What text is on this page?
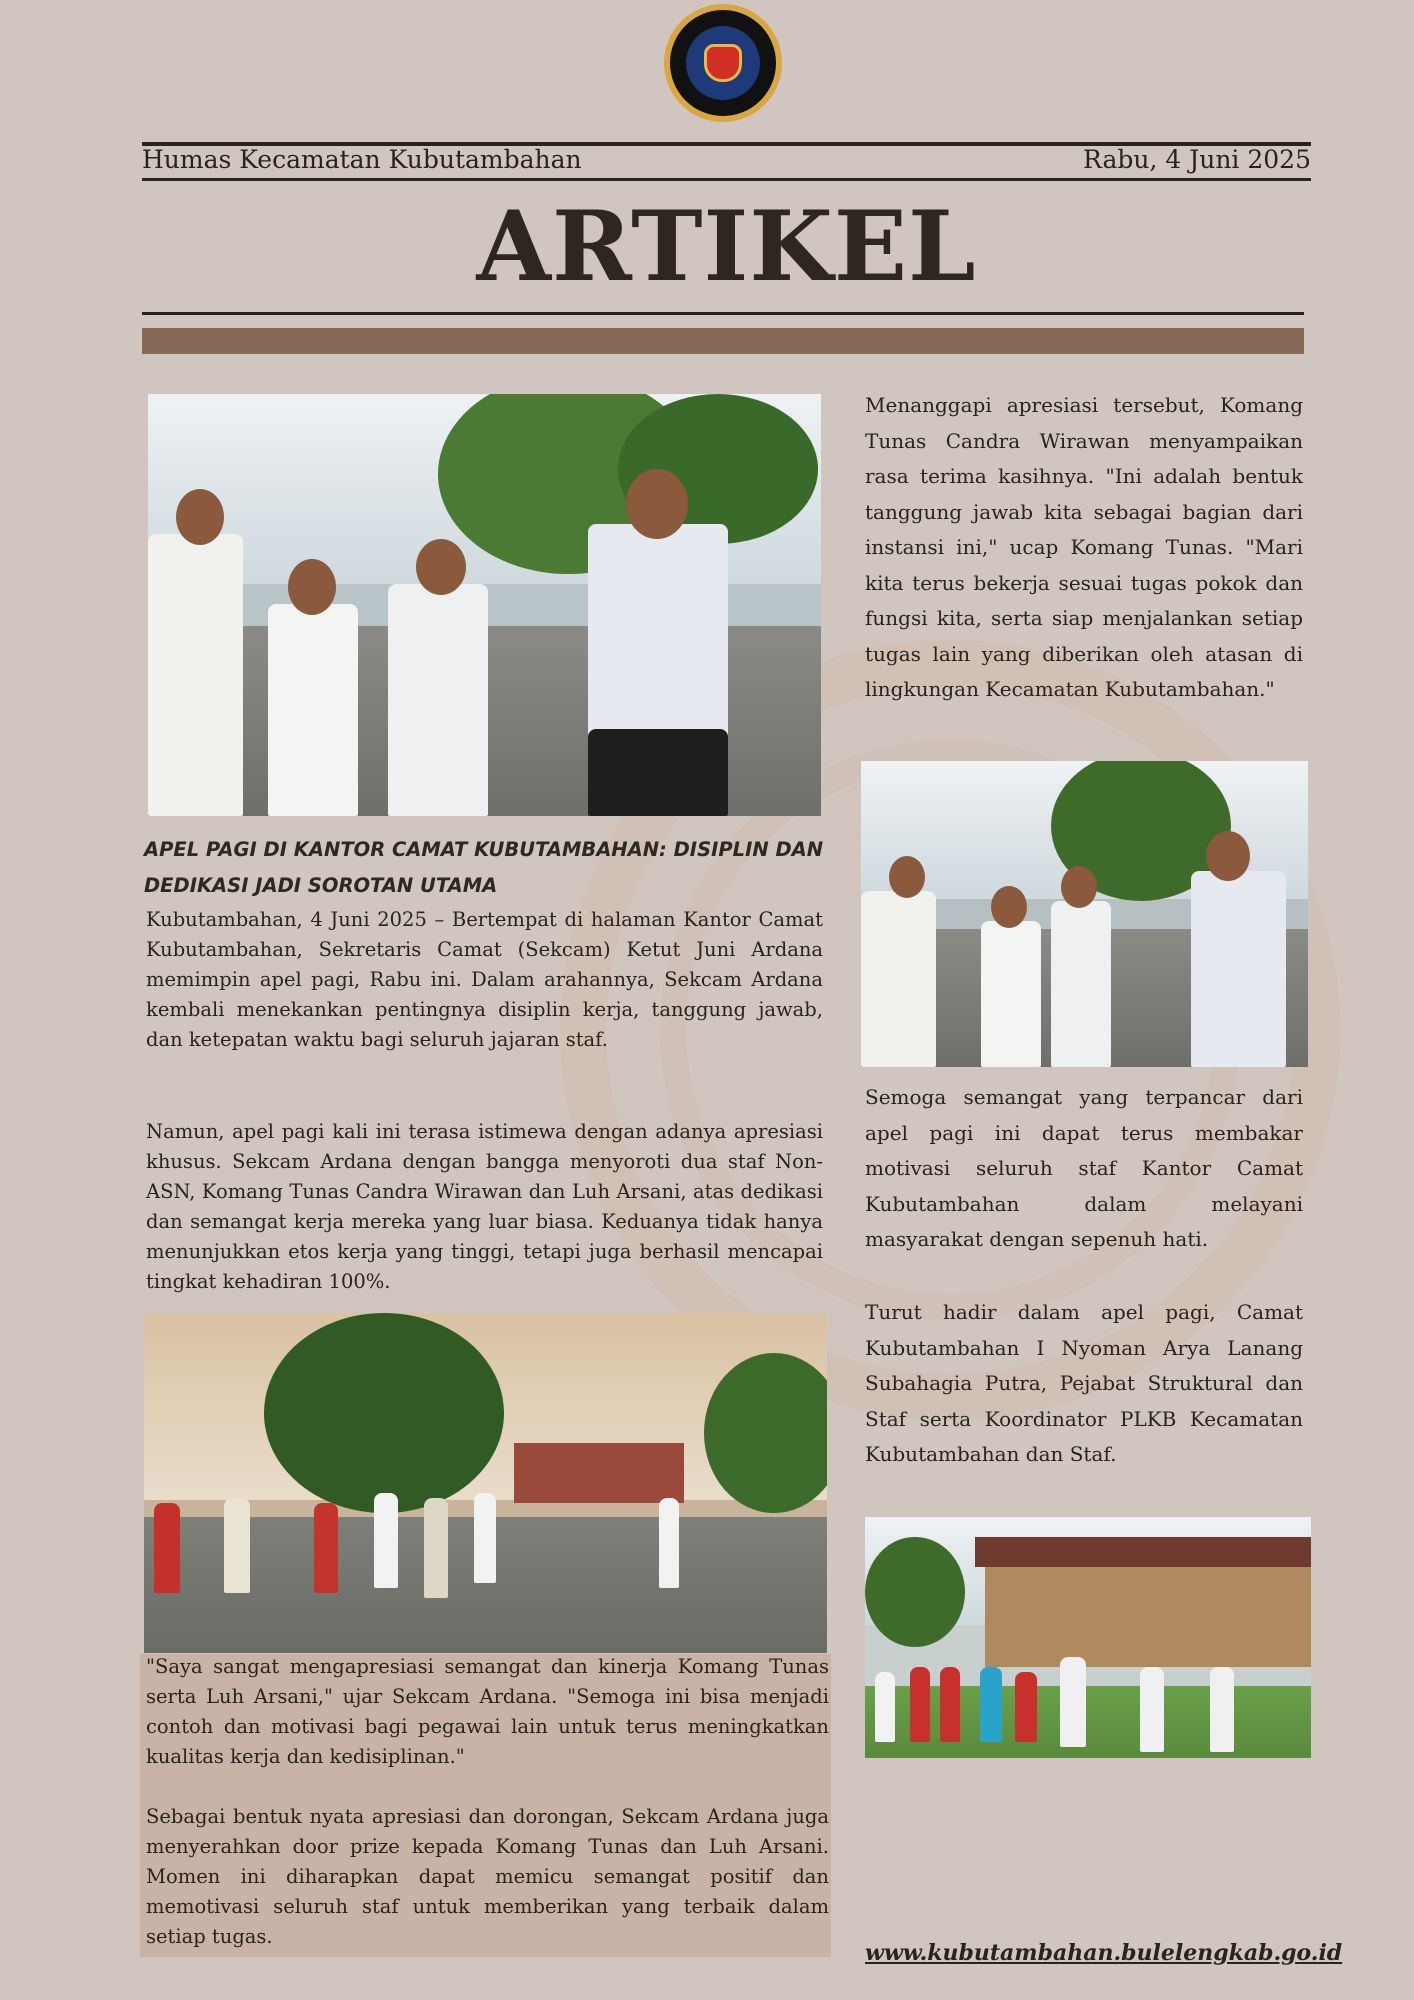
Humas Kecamatan Kubutambahan	Rabu, 4 Juni 2025
ARTIKEL
APEL PAGI DI KANTOR CAMAT KUBUTAMBAHAN: DISIPLIN DAN DEDIKASI JADI SOROTAN UTAMA
Kubutambahan, 4 Juni 2025 – Bertempat di halaman Kantor Camat Kubutambahan, Sekretaris Camat (Sekcam) Ketut Juni Ardana memimpin apel pagi, Rabu ini. Dalam arahannya, Sekcam Ardana kembali menekankan pentingnya disiplin kerja, tanggung jawab, dan ketepatan waktu bagi seluruh jajaran staf.
Namun, apel pagi kali ini terasa istimewa dengan adanya apresiasi khusus. Sekcam Ardana dengan bangga menyoroti dua staf Non-ASN, Komang Tunas Candra Wirawan dan Luh Arsani, atas dedikasi dan semangat kerja mereka yang luar biasa. Keduanya tidak hanya menunjukkan etos kerja yang tinggi, tetapi juga berhasil mencapai tingkat kehadiran 100%.
"Saya sangat mengapresiasi semangat dan kinerja Komang Tunas serta Luh Arsani," ujar Sekcam Ardana. "Semoga ini bisa menjadi contoh dan motivasi bagi pegawai lain untuk terus meningkatkan kualitas kerja dan kedisiplinan."
Sebagai bentuk nyata apresiasi dan dorongan, Sekcam Ardana juga menyerahkan door prize kepada Komang Tunas dan Luh Arsani. Momen ini diharapkan dapat memicu semangat positif dan memotivasi seluruh staf untuk memberikan yang terbaik dalam setiap tugas.
Menanggapi apresiasi tersebut, Komang Tunas Candra Wirawan menyampaikan rasa terima kasihnya. "Ini adalah bentuk tanggung jawab kita sebagai bagian dari instansi ini," ucap Komang Tunas. "Mari kita terus bekerja sesuai tugas pokok dan fungsi kita, serta siap menjalankan setiap tugas lain yang diberikan oleh atasan di lingkungan Kecamatan Kubutambahan."
Semoga semangat yang terpancar dari apel pagi ini dapat terus membakar motivasi seluruh staf Kantor Camat Kubutambahan dalam melayani masyarakat dengan sepenuh hati.
Turut hadir dalam apel pagi, Camat Kubutambahan I Nyoman Arya Lanang Subahagia Putra, Pejabat Struktural dan Staf serta Koordinator PLKB Kecamatan Kubutambahan dan Staf.
www.kubutambahan.bulelengkab.go.id
